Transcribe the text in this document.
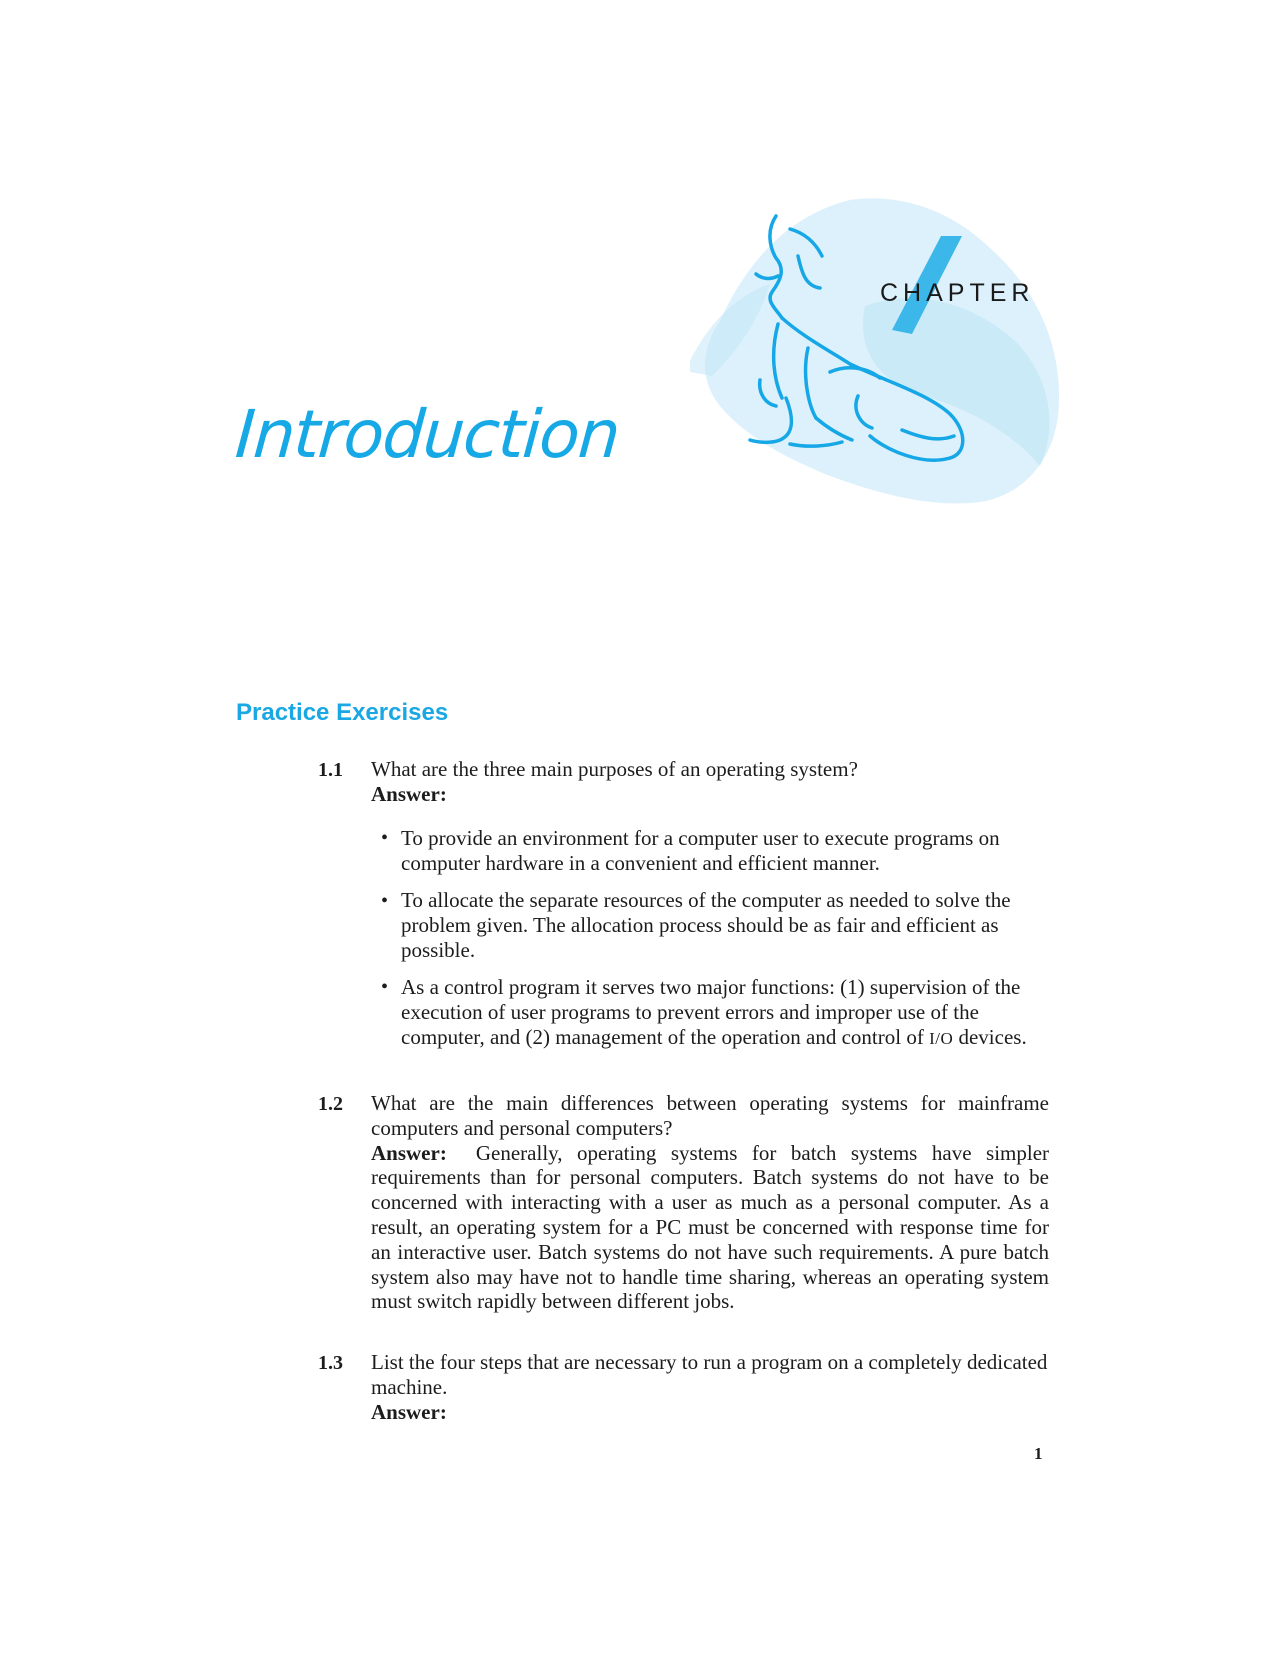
CHAPTER
Introduction
Practice Exercises
1.1 What are the three main purposes of an operating system?
Answer:
• To provide an environment for a computer user to execute programs on computer hardware in a convenient and efficient manner.
• To allocate the separate resources of the computer as needed to solve the problem given. The allocation process should be as fair and efficient as possible.
• As a control program it serves two major functions: (1) supervision of the execution of user programs to prevent errors and improper use of the computer, and (2) management of the operation and control of I/O devices.
1.2 What are the main differences between operating systems for mainframe computers and personal computers?
Answer: Generally, operating systems for batch systems have simpler requirements than for personal computers. Batch systems do not have to be concerned with interacting with a user as much as a personal computer. As a result, an operating system for a PC must be concerned with response time for an interactive user. Batch systems do not have such requirements. A pure batch system also may have not to handle time sharing, whereas an operating system must switch rapidly between different jobs.
1.3 List the four steps that are necessary to run a program on a completely dedicated machine.
Answer:
1
